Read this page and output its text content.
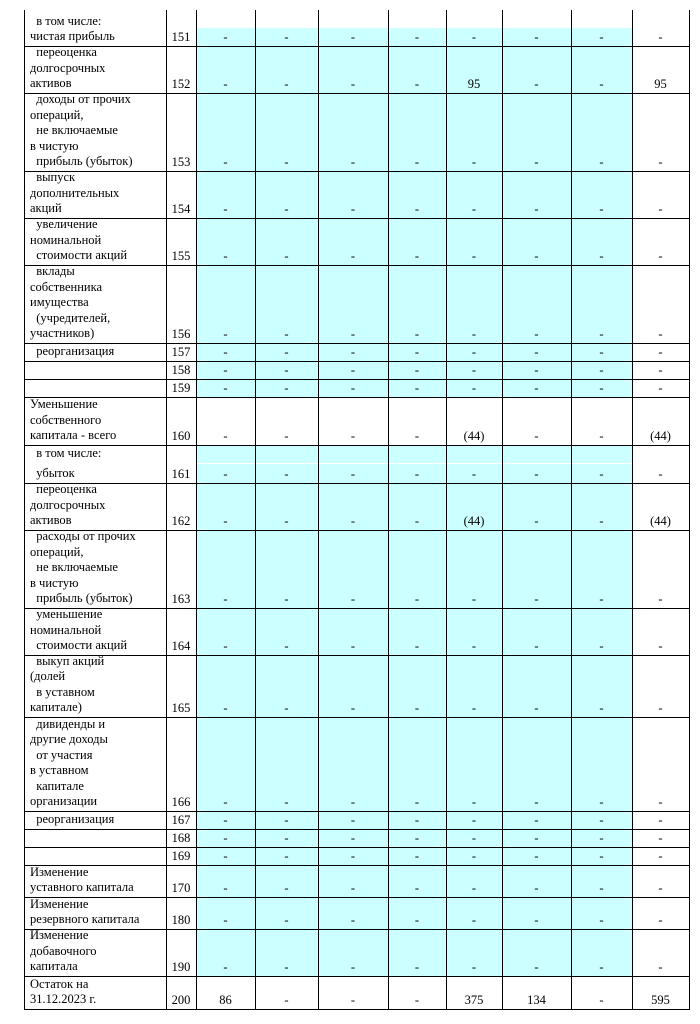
в том числе:
чистая прибыль	151	-	-	-	-	-	-	-	-
переоценка
долгосрочных
активов	152	-	-	-	-	95	-	-	95
доходы от прочих
операций,
не включаемые
в чистую
прибыль (убыток)	153	-	-	-	-	-	-	-	-
выпуск
дополнительных
акций	154	-	-	-	-	-	-	-	-
увеличение
номинальной
стоимости акций	155	-	-	-	-	-	-	-	-
вклады
собственника
имущества
(учредителей,
участников)	156	-	-	-	-	-	-	-	-
реорганизация	157	-	-	-	-	-	-	-	-
158	-	-	-	-	-	-	-	-
159	-	-	-	-	-	-	-	-
Уменьшение
собственного
капитала - всего	160	-	-	-	-	(44)	-	-	(44)
в том числе:
убыток	161	-	-	-	-	-	-	-	-
переоценка
долгосрочных
активов	162	-	-	-	-	(44)	-	-	(44)
расходы от прочих
операций,
не включаемые
в чистую
прибыль (убыток)	163	-	-	-	-	-	-	-	-
уменьшение
номинальной
стоимости акций	164	-	-	-	-	-	-	-	-
выкуп акций
(долей
в уставном
капитале)	165	-	-	-	-	-	-	-	-
дивиденды и
другие доходы
от участия
в уставном
капитале
организации	166	-	-	-	-	-	-	-	-
реорганизация	167	-	-	-	-	-	-	-	-
168	-	-	-	-	-	-	-	-
169	-	-	-	-	-	-	-	-
Изменение
уставного капитала	170	-	-	-	-	-	-	-	-
Изменение
резервного капитала	180	-	-	-	-	-	-	-	-
Изменение
добавочного
капитала	190	-	-	-	-	-	-	-	-
Остаток на
31.12.2023 г.	200	86	-	-	-	375	134	-	595
